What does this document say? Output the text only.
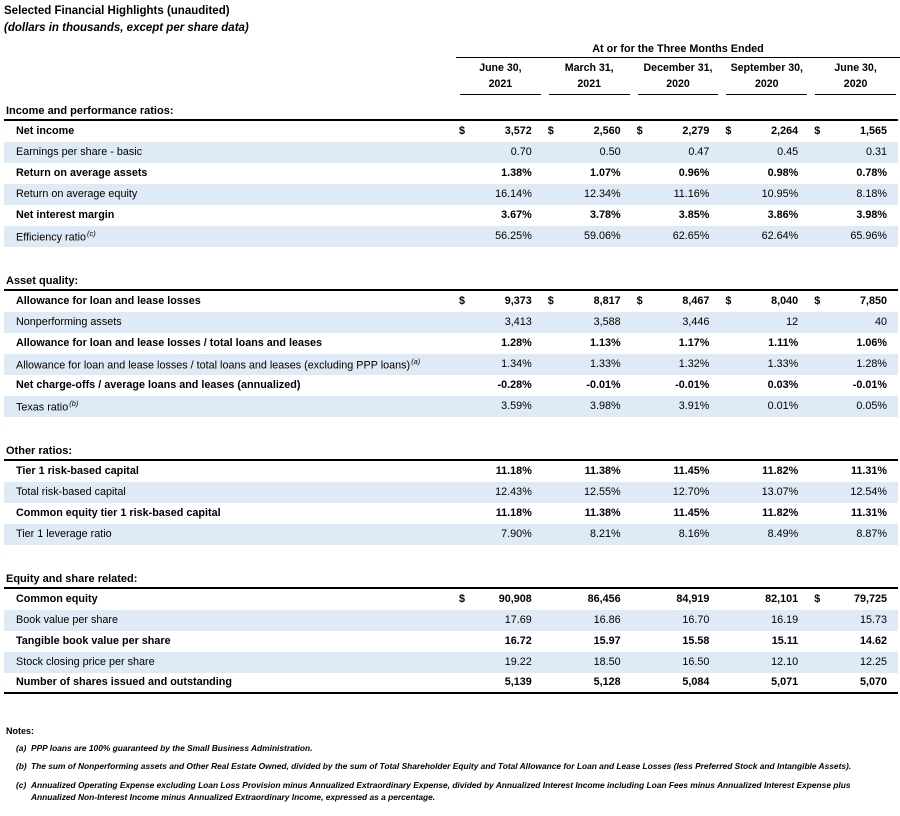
Selected Financial Highlights (unaudited)
(dollars in thousands, except per share data)
At or for the Three Months Ended
June 30,
2021
March 31,
2021
December 31,
2020
September 30,
2020
June 30,
2020
Income and performance ratios:
Net income	$	3,572 $	2,560 $	2,279 $	2,264 $	1,565
Earnings per share - basic	0.70	0.50	0.47	0.45	0.31
Return on average assets	1.38%	1.07%	0.96%	0.98%	0.78%
Return on average equity	16.14%	12.34%	11.16%	10.95%	8.18%
Net interest margin	3.67%	3.78%	3.85%	3.86%	3.98%
Efficiency ratio$^{(c)}$	56.25%	59.06%	62.65%	62.64%	65.96%
Asset quality:
Allowance for loan and lease losses	$	9,373 $	8,817 $	8,467 $	8,040 $	7,850
Nonperforming assets	3,413	3,588	3,446	12	40
Allowance for loan and lease losses / total loans and leases	1.28%	1.13%	1.17%	1.11%	1.06%
Allowance for loan and lease losses / total loans and leases (excluding PPP loans)$^{(a)}$	1.34%	1.33%	1.32%	1.33%	1.28%
Net charge-offs / average loans and leases (annualized)	-0.28%	-0.01%	-0.01%	0.03%	-0.01%
Texas ratio$^{(b)}$	3.59%	3.98%	3.91%	0.01%	0.05%
Other ratios:
Tier 1 risk-based capital	11.18%	11.38%	11.45%	11.82%	11.31%
Total risk-based capital	12.43%	12.55%	12.70%	13.07%	12.54%
Common equity tier 1 risk-based capital	11.18%	11.38%	11.45%	11.82%	11.31%
Tier 1 leverage ratio	7.90%	8.21%	8.16%	8.49%	8.87%
Equity and share related:
Common equity	$	90,908	86,456	84,919	82,101 $	79,725
Book value per share	17.69	16.86	16.70	16.19	15.73
Tangible book value per share	16.72	15.97	15.58	15.11	14.62
Stock closing price per share	19.22	18.50	16.50	12.10	12.25
Number of shares issued and outstanding	5,139	5,128	5,084	5,071	5,070
Notes:
(a) PPP loans are 100% guaranteed by the Small Business Administration.
(b) The sum of Nonperforming assets and Other Real Estate Owned, divided by the sum of Total Shareholder Equity and Total Allowance for Loan and Lease Losses (less Preferred Stock and Intangible Assets).
(c) Annualized Operating Expense excluding Loan Loss Provision minus Annualized Extraordinary Expense, divided by Annualized Interest Income including Loan Fees minus Annualized Interest Expense plus Annualized Non-Interest Income minus Annualized Extraordinary Income, expressed as a percentage.
